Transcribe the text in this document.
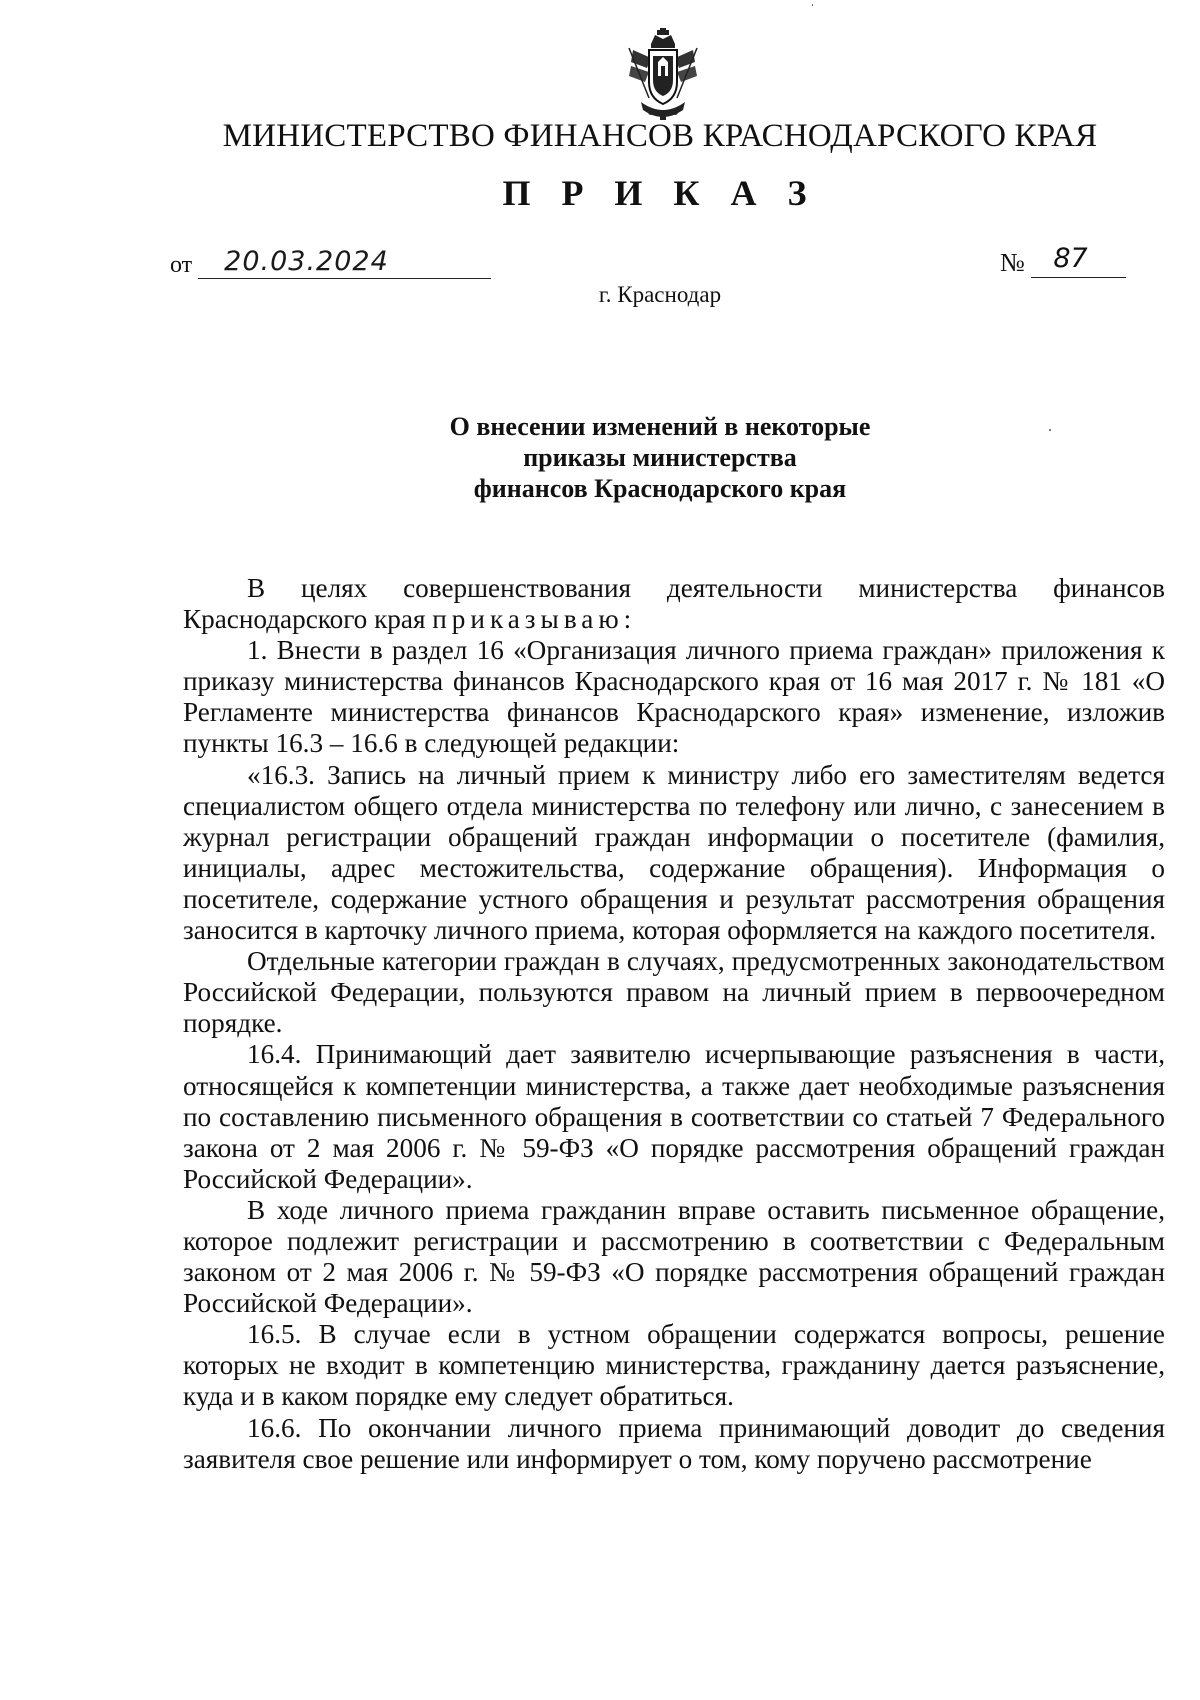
МИНИСТЕРСТВО ФИНАНСОВ КРАСНОДАРСКОГО КРАЯ
П Р И К А З
от 20.03.2024	№ 87
г. Краснодар
О внесении изменений в некоторые
приказы министерства
финансов Краснодарского края

В целях совершенствования деятельности министерства финансов Краснодарского края приказываю:

1. Внести в раздел 16 «Организация личного приема граждан» приложения к приказу министерства финансов Краснодарского края от 16 мая 2017 г. № 181 «О Регламенте министерства финансов Краснодарского края» изменение, изложив пункты 16.3 – 16.6 в следующей редакции:

«16.3. Запись на личный прием к министру либо его заместителям ведется специалистом общего отдела министерства по телефону или лично, с занесением в журнал регистрации обращений граждан информации о посетителе (фамилия, инициалы, адрес местожительства, содержание обращения). Информация о посетителе, содержание устного обращения и результат рассмотрения обращения заносится в карточку личного приема, которая оформляется на каждого посетителя.

Отдельные категории граждан в случаях, предусмотренных законодательством Российской Федерации, пользуются правом на личный прием в первоочередном порядке.

16.4. Принимающий дает заявителю исчерпывающие разъяснения в части, относящейся к компетенции министерства, а также дает необходимые разъяснения по составлению письменного обращения в соответствии со статьей 7 Федерального закона от 2 мая 2006 г. № 59-ФЗ «О порядке рассмотрения обращений граждан Российской Федерации».

В ходе личного приема гражданин вправе оставить письменное обращение, которое подлежит регистрации и рассмотрению в соответствии с Федеральным законом от 2 мая 2006 г. № 59-ФЗ «О порядке рассмотрения обращений граждан Российской Федерации».

16.5. В случае если в устном обращении содержатся вопросы, решение которых не входит в компетенцию министерства, гражданину дается разъяснение, куда и в каком порядке ему следует обратиться.

16.6. По окончании личного приема принимающий доводит до сведения заявителя свое решение или информирует о том, кому поручено рассмотрение
